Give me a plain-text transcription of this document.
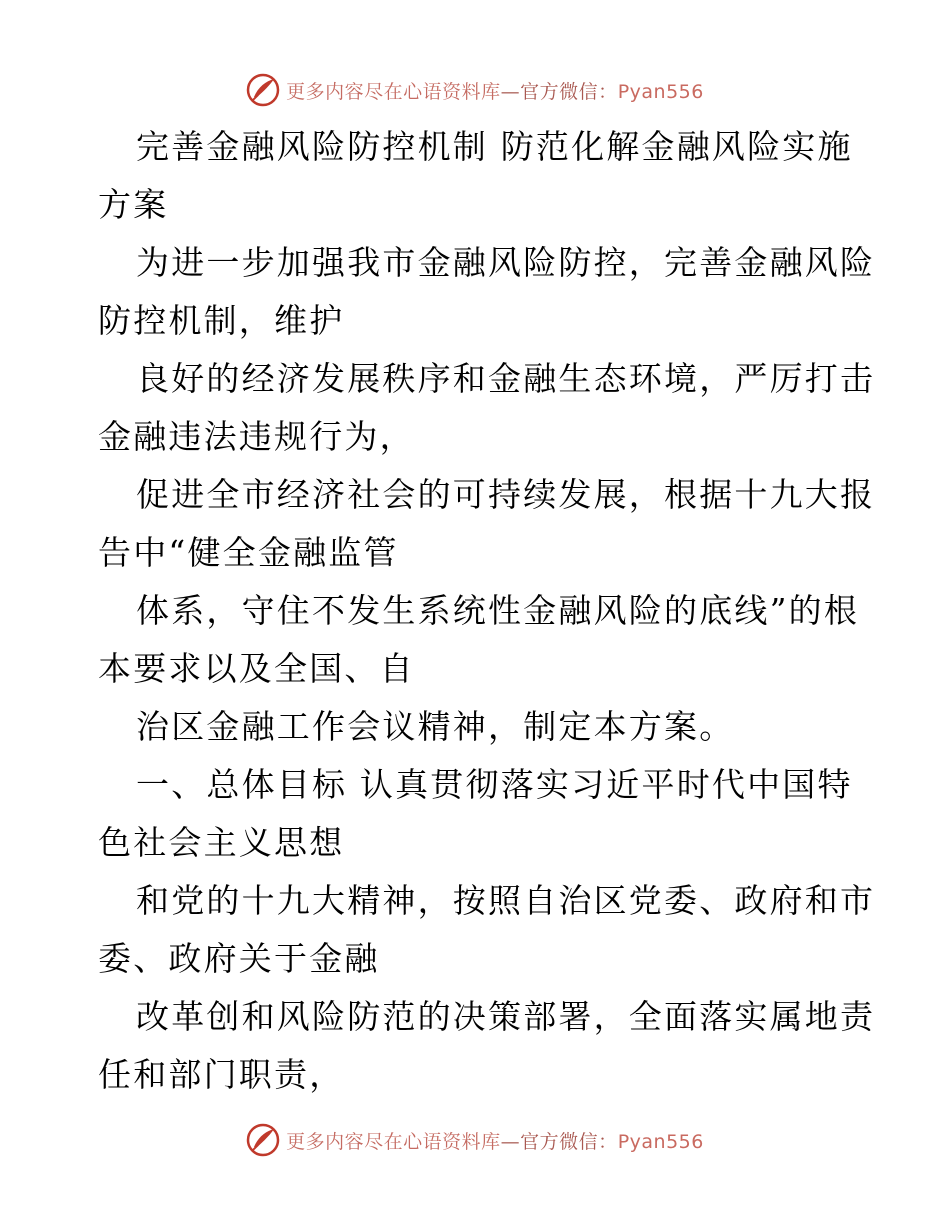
更多内容尽在心语资料库—官方微信：Pyan556
完善金融风险防控机制 防范化解金融风险实施
方案
为进一步加强我市金融风险防控，完善金融风险
防控机制，维护
良好的经济发展秩序和金融生态环境，严厉打击
金融违法违规行为，
促进全市经济社会的可持续发展，根据十九大报
告中“健全金融监管
体系，守住不发生系统性金融风险的底线”的根
本要求以及全国、自
治区金融工作会议精神，制定本方案。
一、总体目标 认真贯彻落实习近平时代中国特
色社会主义思想
和党的十九大精神，按照自治区党委、政府和市
委、政府关于金融
改革创和风险防范的决策部署，全面落实属地责
任和部门职责，
更多内容尽在心语资料库—官方微信：Pyan556
